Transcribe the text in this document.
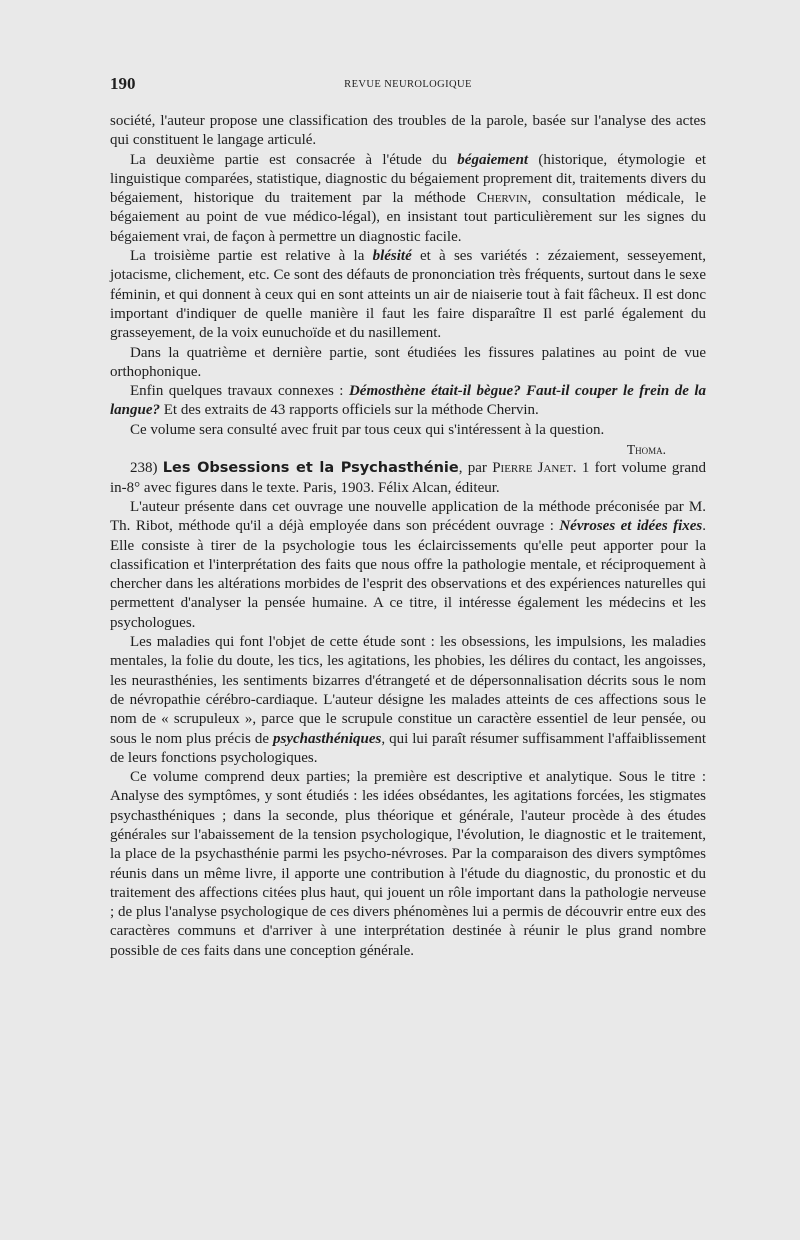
190	REVUE NEUROLOGIQUE

société, l'auteur propose une classification des troubles de la parole, basée sur l'analyse des actes qui constituent le langage articulé.

La deuxième partie est consacrée à l'étude du bégaiement (historique, étymologie et linguistique comparées, statistique, diagnostic du bégaiement proprement dit, traitements divers du bégaiement, historique du traitement par la méthode Chervin, consultation médicale, le bégaiement au point de vue médico-légal), en insistant tout particulièrement sur les signes du bégaiement vrai, de façon à permettre un diagnostic facile.

La troisième partie est relative à la blésité et à ses variétés : zézaiement, sesseyement, jotacisme, clichement, etc. Ce sont des défauts de prononciation très fréquents, surtout dans le sexe féminin, et qui donnent à ceux qui en sont atteints un air de niaiserie tout à fait fâcheux. Il est donc important d'indiquer de quelle manière il faut les faire disparaître Il est parlé également du grasseyement, de la voix eunuchoïde et du nasillement.

Dans la quatrième et dernière partie, sont étudiées les fissures palatines au point de vue orthophonique.

Enfin quelques travaux connexes : Démosthène était-il bègue? Faut-il couper le frein de la langue? Et des extraits de 43 rapports officiels sur la méthode Chervin.

Ce volume sera consulté avec fruit par tous ceux qui s'intéressent à la question.

Thoma.

238) Les Obsessions et la Psychasthénie, par Pierre Janet. 1 fort volume grand in-8° avec figures dans le texte. Paris, 1903. Félix Alcan, éditeur.

L'auteur présente dans cet ouvrage une nouvelle application de la méthode préconisée par M. Th. Ribot, méthode qu'il a déjà employée dans son précédent ouvrage : Névroses et idées fixes. Elle consiste à tirer de la psychologie tous les éclaircissements qu'elle peut apporter pour la classification et l'interprétation des faits que nous offre la pathologie mentale, et réciproquement à chercher dans les altérations morbides de l'esprit des observations et des expériences naturelles qui permettent d'analyser la pensée humaine. A ce titre, il intéresse également les médecins et les psychologues.

Les maladies qui font l'objet de cette étude sont : les obsessions, les impulsions, les maladies mentales, la folie du doute, les tics, les agitations, les phobies, les délires du contact, les angoisses, les neurasthénies, les sentiments bizarres d'étrangeté et de dépersonnalisation décrits sous le nom de névropathie cérébro-cardiaque. L'auteur désigne les malades atteints de ces affections sous le nom de « scrupuleux », parce que le scrupule constitue un caractère essentiel de leur pensée, ou sous le nom plus précis de psychasthéniques, qui lui paraît résumer suffisamment l'affaiblissement de leurs fonctions psychologiques.

Ce volume comprend deux parties; la première est descriptive et analytique. Sous le titre : Analyse des symptômes, y sont étudiés : les idées obsédantes, les agitations forcées, les stigmates psychasthéniques ; dans la seconde, plus théorique et générale, l'auteur procède à des études générales sur l'abaissement de la tension psychologique, l'évolution, le diagnostic et le traitement, la place de la psychasthénie parmi les psycho-névroses. Par la comparaison des divers symptômes réunis dans un même livre, il apporte une contribution à l'étude du diagnostic, du pronostic et du traitement des affections citées plus haut, qui jouent un rôle important dans la pathologie nerveuse ; de plus l'analyse psychologique de ces divers phénomènes lui a permis de découvrir entre eux des caractères communs et d'arriver à une interprétation destinée à réunir le plus grand nombre possible de ces faits dans une conception générale.
